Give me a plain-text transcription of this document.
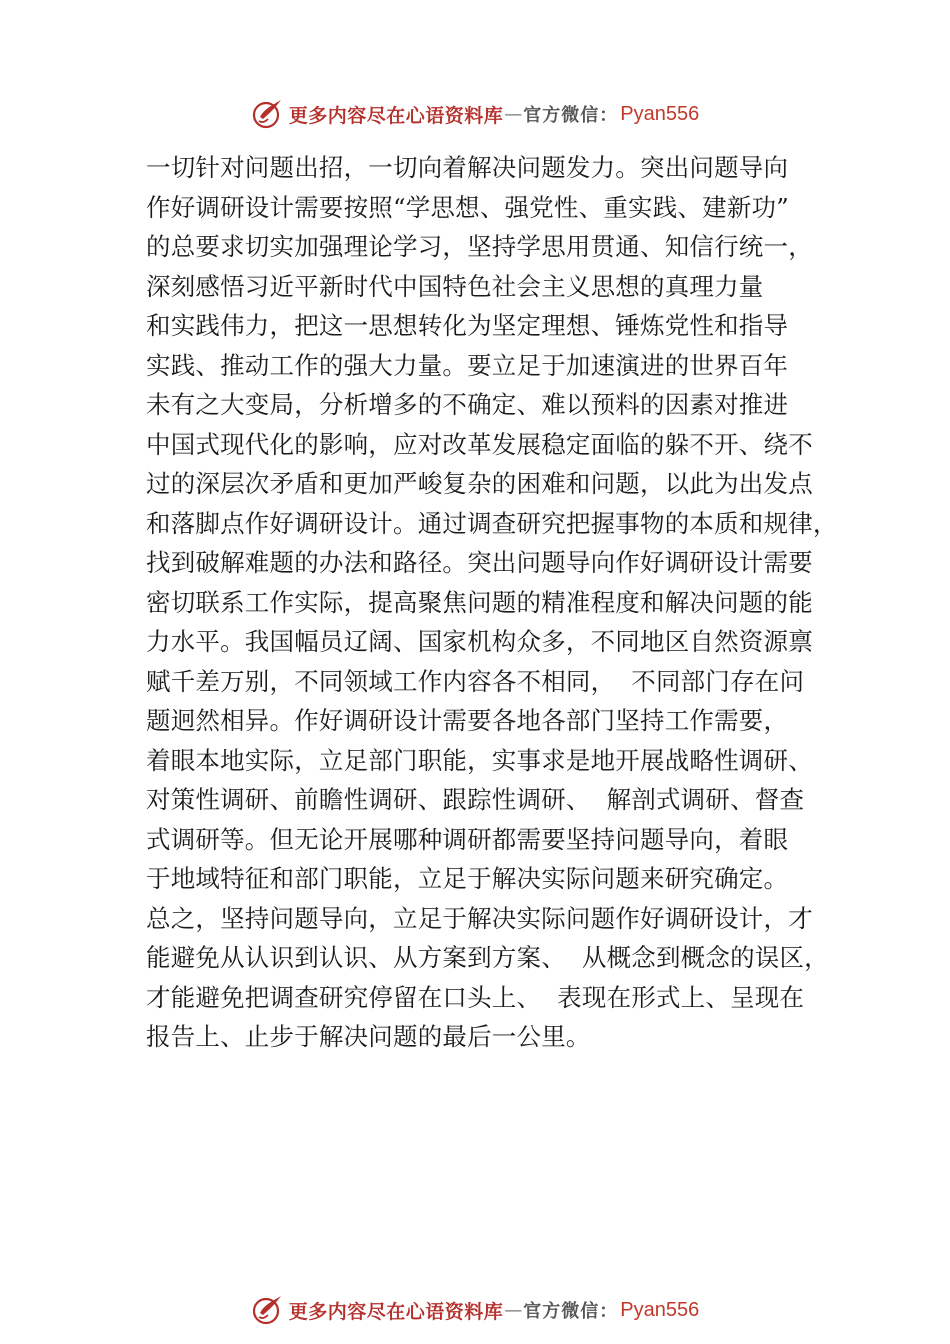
更多内容尽在心语资料库 — 官方微信： Pyan556
一切针对问题出招，一切向着解决问题发力。突出问题导向
作好调研设计需要按照“学思想、强党性、重实践、建新功”
的总要求切实加强理论学习，坚持学思用贯通、知信行统一，
深刻感悟习近平新时代中国特色社会主义思想的真理力量
和实践伟力，把这一思想转化为坚定理想、锤炼党性和指导
实践、推动工作的强大力量。要立足于加速演进的世界百年
未有之大变局，分析增多的不确定、难以预料的因素对推进
中国式现代化的影响，应对改革发展稳定面临的躲不开、绕不
过的深层次矛盾和更加严峻复杂的困难和问题，以此为出发点
和落脚点作好调研设计。通过调查研究把握事物的本质和规律，
找到破解难题的办法和路径。突出问题导向作好调研设计需要
密切联系工作实际，提高聚焦问题的精准程度和解决问题的能
力水平。我国幅员辽阔、国家机构众多，不同地区自然资源禀
赋千差万别，不同领域工作内容各不相同，  不同部门存在问
题迥然相异。作好调研设计需要各地各部门坚持工作需要，
着眼本地实际，立足部门职能，实事求是地开展战略性调研、
对策性调研、前瞻性调研、跟踪性调研、  解剖式调研、督查
式调研等。但无论开展哪种调研都需要坚持问题导向，着眼
于地域特征和部门职能，立足于解决实际问题来研究确定。
总之，坚持问题导向，立足于解决实际问题作好调研设计，才
能避免从认识到认识、从方案到方案、  从概念到概念的误区，
才能避免把调查研究停留在口头上、  表现在形式上、呈现在
报告上、止步于解决问题的最后一公里。
更多内容尽在心语资料库 — 官方微信： Pyan556
